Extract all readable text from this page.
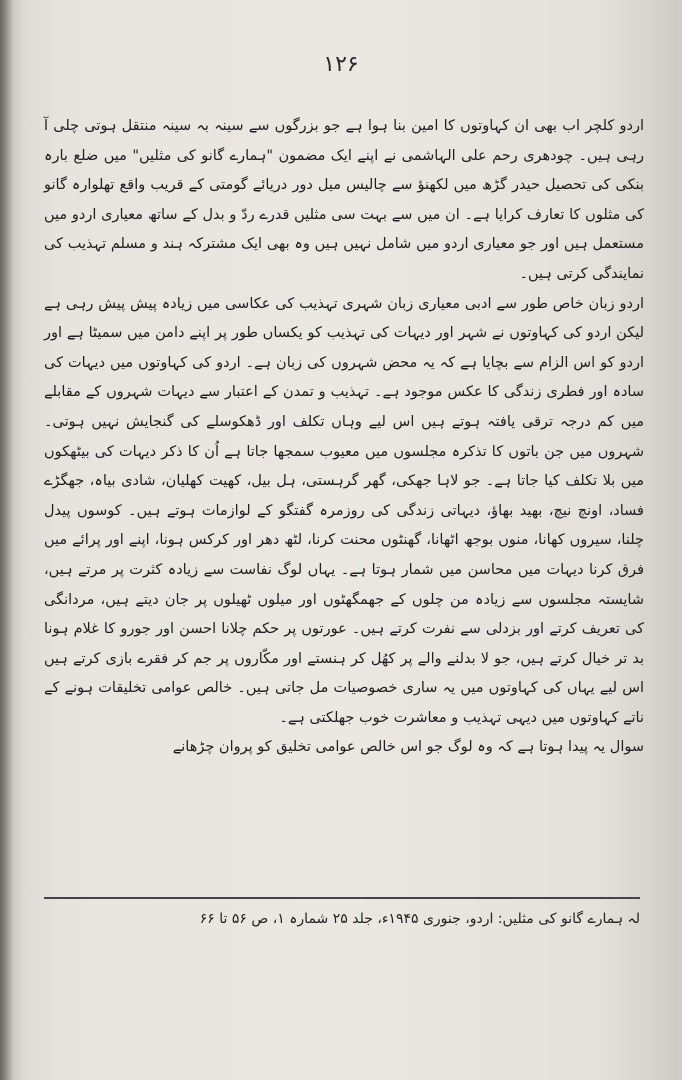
۱۲۶

اردو کلچر اب بھی ان کہاوتوں کا امین بنا ہوا ہے جو بزرگوں سے سینہ بہ سینہ منتقل ہوتی چلی آ رہی ہیں۔ چودھری رحم علی الہاشمی نے اپنے ایک مضمون "ہمارے گانو کی مثلیں" میں ضلع بارہ بنکی کی تحصیل حیدر گڑھ میں لکھنؤ سے چالیس میل دور دریائے گومتی کے قریب واقع تھلوارہ گانو کی مثلوں کا تعارف کرایا ہے۔ ان میں سے بہت سی مثلیں قدرے ردّ و بدل کے ساتھ معیاری اردو میں مستعمل ہیں اور جو معیاری اردو میں شامل نہیں ہیں وہ بھی ایک مشترکہ ہند و مسلم تہذیب کی نمایندگی کرتی ہیں۔

اردو زبان خاص طور سے ادبی معیاری زبان شہری تہذیب کی عکاسی میں زیادہ پیش پیش رہی ہے لیکن اردو کی کہاوتوں نے شہر اور دیہات کی تہذیب کو یکساں طور پر اپنے دامن میں سمیٹا ہے اور اردو کو اس الزام سے بچایا ہے کہ یہ محض شہروں کی زبان ہے۔ اردو کی کہاوتوں میں دیہات کی سادہ اور فطری زندگی کا عکس موجود ہے۔ تہذیب و تمدن کے اعتبار سے دیہات شہروں کے مقابلے میں کم درجہ ترقی یافتہ ہوتے ہیں اس لیے وہاں تکلف اور ڈھکوسلے کی گنجایش نہیں ہوتی۔ شہروں میں جن باتوں کا تذکرہ مجلسوں میں معیوب سمجھا جاتا ہے اُن کا ذکر دیہات کی بیٹھکوں میں بلا تکلف کیا جاتا ہے۔ جو لاہا جھکی، گھر گرہستی، ہل بیل، کھیت کھلیان، شادی بیاہ، جھگڑے فساد، اونچ نیچ، بھید بھاؤ، دیہاتی زندگی کی روزمرہ گفتگو کے لوازمات ہوتے ہیں۔ کوسوں پیدل چلنا، سیروں کھانا، منوں بوجھ اٹھانا، گھنٹوں محنت کرنا، لٹھ دھر اور کرکس ہونا، اپنے اور پرائے میں فرق کرنا دیہات میں محاسن میں شمار ہوتا ہے۔ یہاں لوگ نفاست سے زیادہ کثرت پر مرتے ہیں، شایستہ مجلسوں سے زیادہ من چلوں کے جھمگھٹوں اور میلوں ٹھیلوں پر جان دیتے ہیں، مردانگی کی تعریف کرتے اور بزدلی سے نفرت کرتے ہیں۔ عورتوں پر حکم چلانا احسن اور جورو کا غلام ہونا بد تر خیال کرتے ہیں، جو لا بدلنے والے پر کھُل کر ہنستے اور مکّاروں پر جم کر فقرے بازی کرتے ہیں اس لیے یہاں کی کہاوتوں میں یہ ساری خصوصیات مل جاتی ہیں۔ خالص عوامی تخلیقات ہونے کے ناتے کہاوتوں میں دیہی تہذیب و معاشرت خوب جھلکتی ہے۔

سوال یہ پیدا ہوتا ہے کہ وہ لوگ جو اس خالص عوامی تخلیق کو پروان چڑھانے

لہ ہمارے گانو کی مثلیں: اردو، جنوری ۱۹۴۵ء، جلد ۲۵ شمارہ ۱، ص ۵۶ تا ۶۶
